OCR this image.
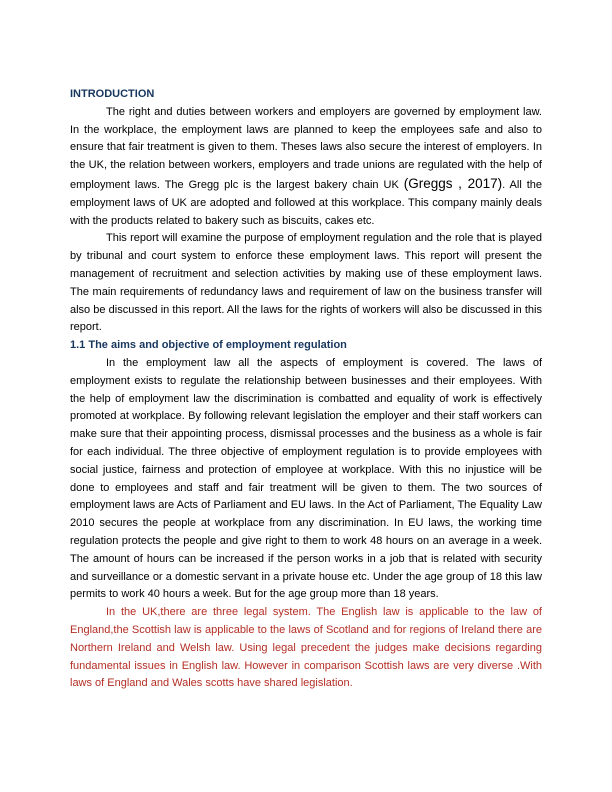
INTRODUCTION

The right and duties between workers and employers are governed by employment law. In the workplace, the employment laws are planned to keep the employees safe and also to ensure that fair treatment is given to them. Theses laws also secure the interest of employers. In the UK, the relation between workers, employers and trade unions are regulated with the help of employment laws. The Gregg plc is the largest bakery chain UK (Greggs , 2017). All the employment laws of UK are adopted and followed at this workplace. This company mainly deals with the products related to bakery such as biscuits, cakes etc.

This report will examine the purpose of employment regulation and the role that is played by tribunal and court system to enforce these employment laws. This report will present the management of recruitment and selection activities by making use of these employment laws. The main requirements of redundancy laws and requirement of law on the business transfer will also be discussed in this report. All the laws for the rights of workers will also be discussed in this report.

1.1 The aims and objective of employment regulation

In the employment law all the aspects of employment is covered. The laws of employment exists to regulate the relationship between businesses and their employees. With the help of employment law the discrimination is combatted and equality of work is effectively promoted at workplace. By following relevant legislation the employer and their staff workers can make sure that their appointing process, dismissal processes and the business as a whole is fair for each individual. The three objective of employment regulation is to provide employees with social justice, fairness and protection of employee at workplace. With this no injustice will be done to employees and staff and fair treatment will be given to them. The two sources of employment laws are Acts of Parliament and EU laws. In the Act of Parliament, The Equality Law 2010 secures the people at workplace from any discrimination. In EU laws, the working time regulation protects the people and give right to them to work 48 hours on an average in a week. The amount of hours can be increased if the person works in a job that is related with security and surveillance or a domestic servant in a private house etc. Under the age group of 18 this law permits to work 40 hours a week. But for the age group more than 18 years.

In the UK,there are three legal system. The English law is applicable to the law of England,the Scottish law is applicable to the laws of Scotland and for regions of Ireland there are Northern Ireland and Welsh law. Using legal precedent the judges make decisions regarding fundamental issues in English law. However in comparison Scottish laws are very diverse .With laws of England and Wales scotts have shared legislation.
